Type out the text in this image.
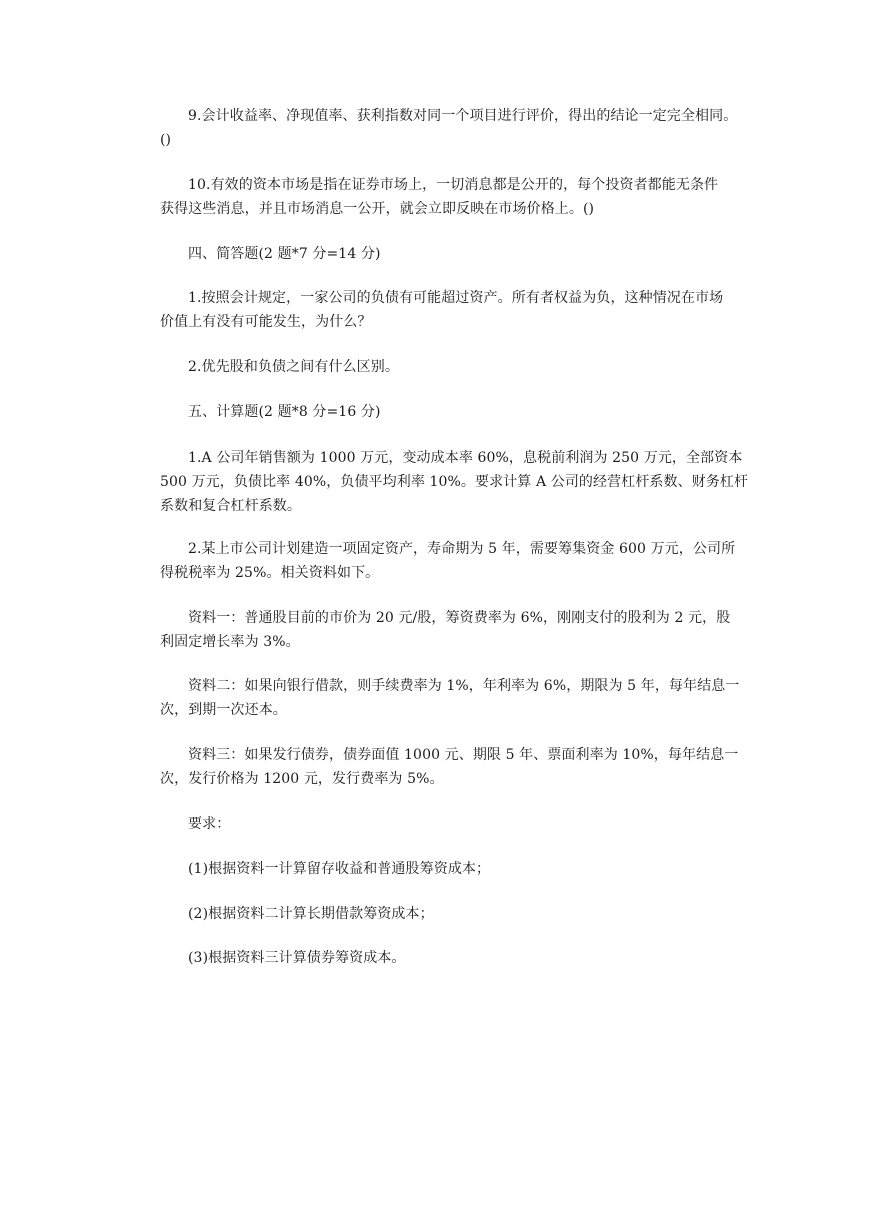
9.会计收益率、净现值率、获利指数对同一个项目进行评价，得出的结论一定完全相同。
()
10.有效的资本市场是指在证券市场上，一切消息都是公开的，每个投资者都能无条件
获得这些消息，并且市场消息一公开，就会立即反映在市场价格上。()
四、简答题(2 题*7 分=14 分)
1.按照会计规定，一家公司的负债有可能超过资产。所有者权益为负，这种情况在市场
价值上有没有可能发生，为什么？
2.优先股和负债之间有什么区别。
五、计算题(2 题*8 分=16 分)
1.A 公司年销售额为 1000 万元，变动成本率 60%，息税前利润为 250 万元，全部资本
500 万元，负债比率 40%，负债平均利率 10%。要求计算 A 公司的经营杠杆系数、财务杠杆
系数和复合杠杆系数。
2.某上市公司计划建造一项固定资产，寿命期为 5 年，需要筹集资金 600 万元，公司所
得税税率为 25%。相关资料如下。
资料一：普通股目前的市价为 20 元/股，筹资费率为 6%，刚刚支付的股利为 2 元，股
利固定增长率为 3%。
资料二：如果向银行借款，则手续费率为 1%，年利率为 6%，期限为 5 年，每年结息一
次，到期一次还本。
资料三：如果发行债券，债券面值 1000 元、期限 5 年、票面利率为 10%，每年结息一
次，发行价格为 1200 元，发行费率为 5%。
要求：
(1)根据资料一计算留存收益和普通股筹资成本；
(2)根据资料二计算长期借款筹资成本；
(3)根据资料三计算债券筹资成本。
